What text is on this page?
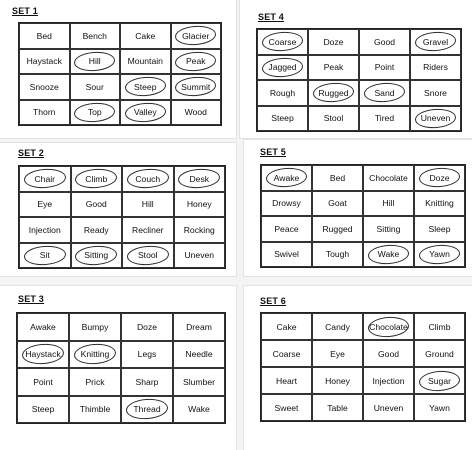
SET 1
Bed	Bench	Cake	Glacier
Haystack	Hill	Mountain	Peak
Snooze	Sour	Steep	Summit
Thorn	Top	Valley	Wood
SET 4
Coarse	Doze	Good	Gravel
Jagged	Peak	Point	Riders
Rough	Rugged	Sand	Snore
Steep	Stool	Tired	Uneven
SET 2
Chair	Climb	Couch	Desk
Eye	Good	Hill	Honey
Injection	Ready	Recliner	Rocking
Sit	Sitting	Stool	Uneven
SET 5
Awake	Bed	Chocolate	Doze
Drowsy	Goat	Hill	Knitting
Peace	Rugged	Sitting	Sleep
Swivel	Tough	Wake	Yawn
SET 3
Awake	Bumpy	Doze	Dream
Haystack	Knitting	Legs	Needle
Point	Prick	Sharp	Slumber
Steep	Thimble	Thread	Wake
SET 6
Cake	Candy	Chocolate	Climb
Coarse	Eye	Good	Ground
Heart	Honey	Injection	Sugar
Sweet	Table	Uneven	Yawn
